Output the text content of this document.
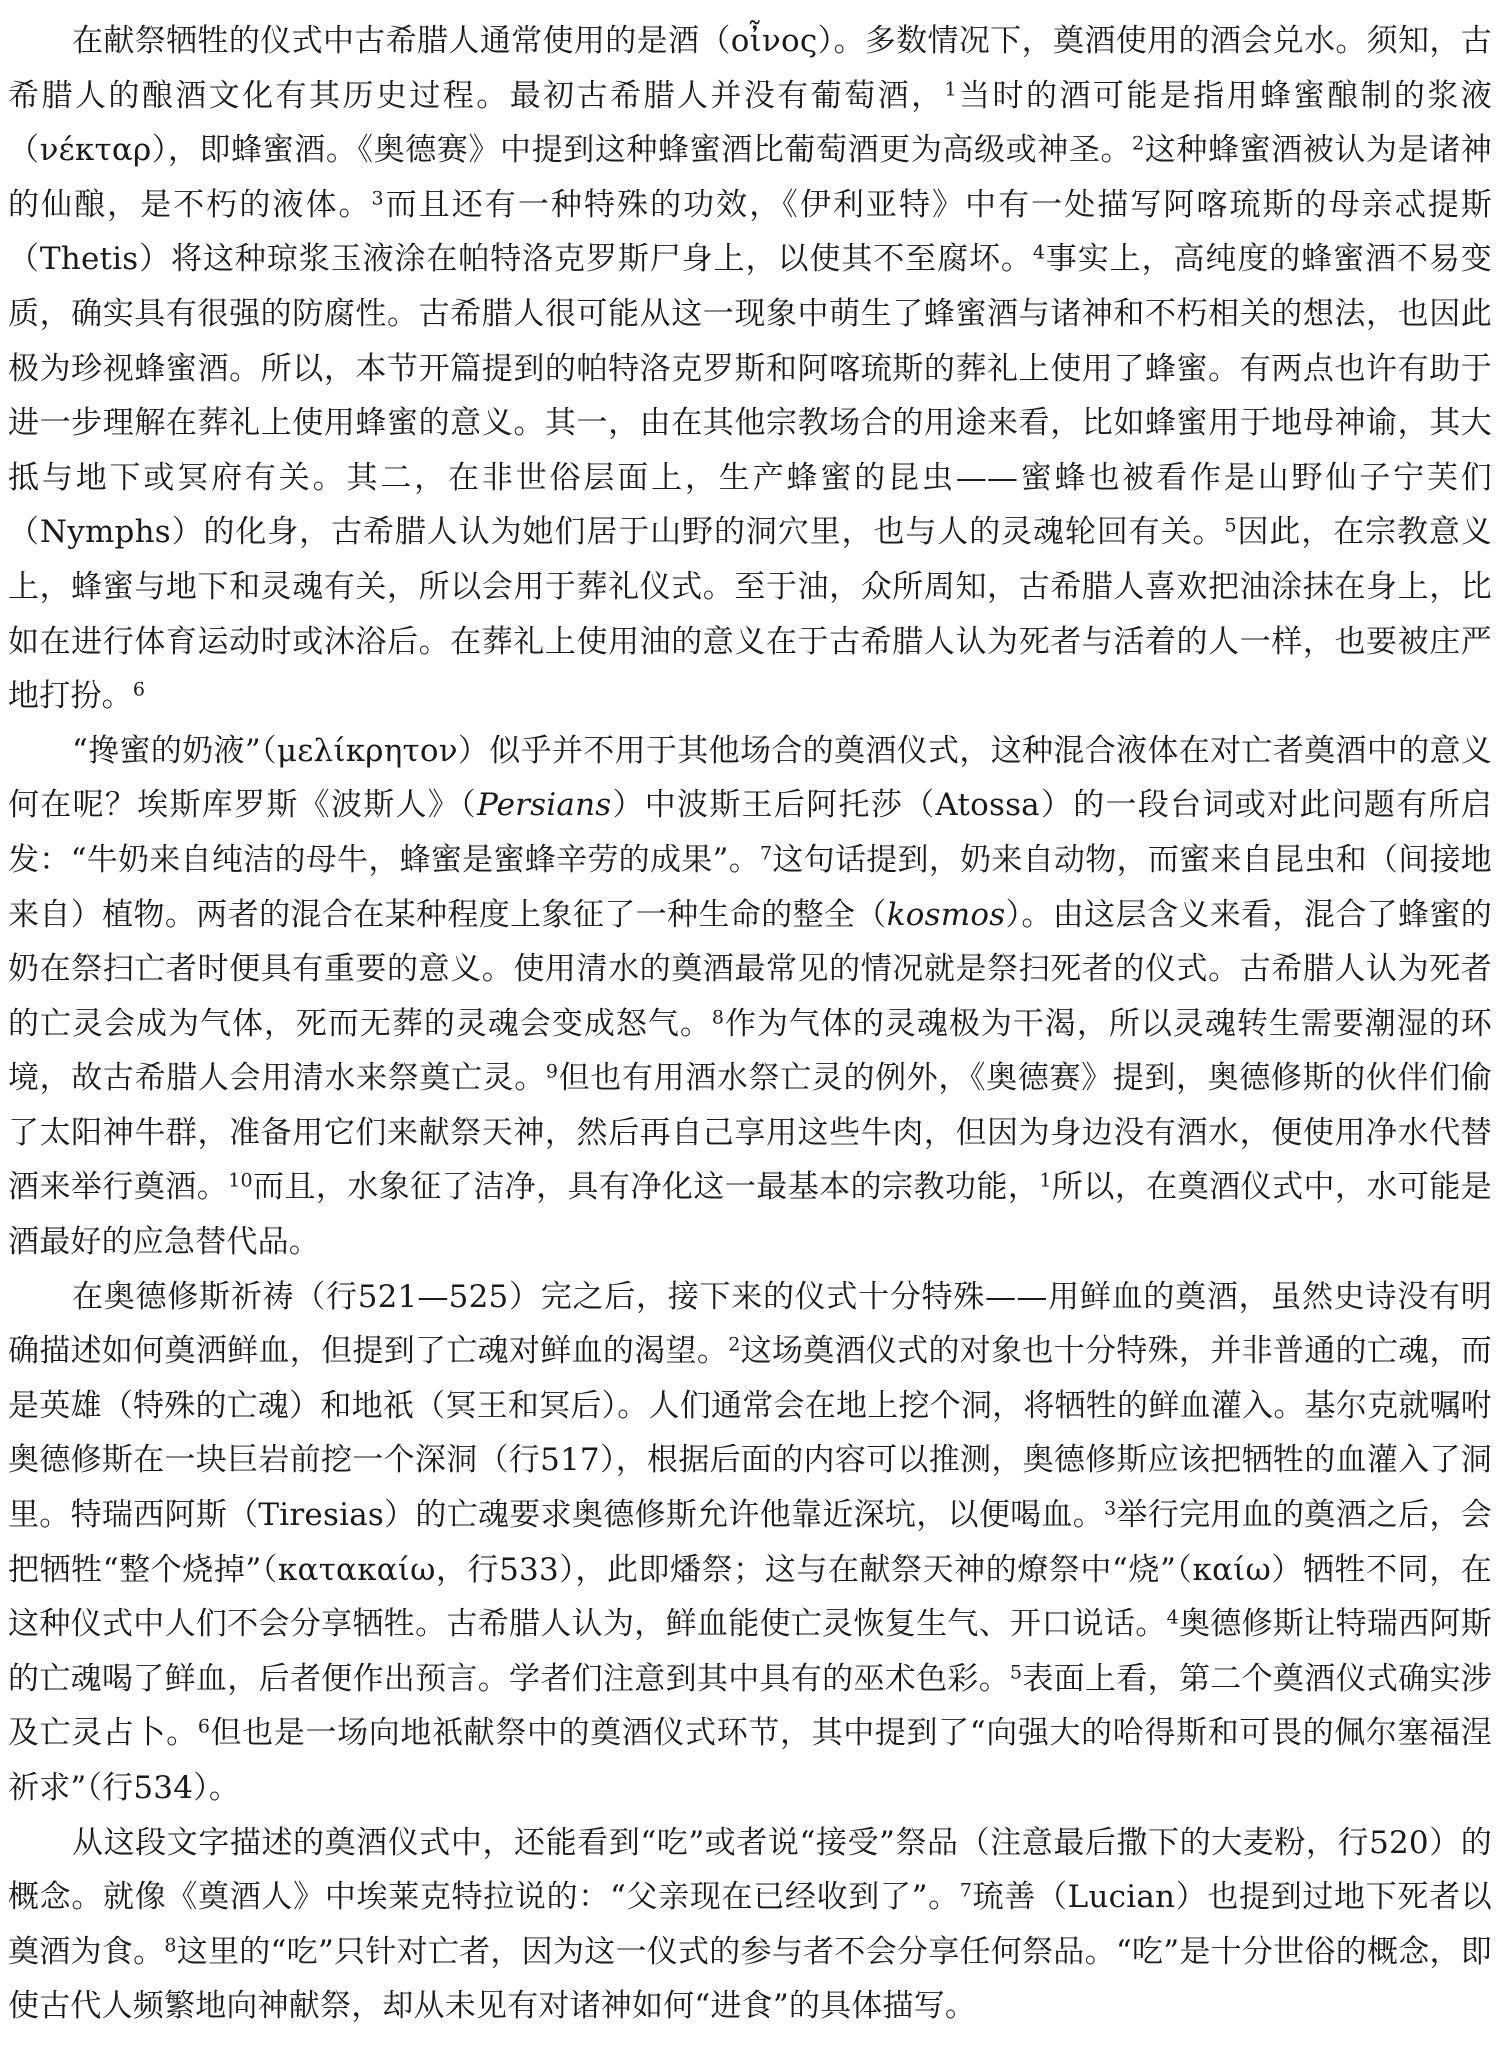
在献祭牺牲的仪式中古希腊人通常使用的是酒（οἶνος）。多数情况下，奠酒使用的酒会兑水。须知，古希腊人的酿酒文化有其历史过程。最初古希腊人并没有葡萄酒，$^1$当时的酒可能是指用蜂蜜酿制的浆液（νέκταρ），即蜂蜜酒。《奥德赛》中提到这种蜂蜜酒比葡萄酒更为高级或神圣。$^2$这种蜂蜜酒被认为是诸神的仙酿，是不朽的液体。$^3$而且还有一种特殊的功效，《伊利亚特》中有一处描写阿喀琉斯的母亲忒提斯（Thetis）将这种琼浆玉液涂在帕特洛克罗斯尸身上，以使其不至腐坏。$^4$事实上，高纯度的蜂蜜酒不易变质，确实具有很强的防腐性。古希腊人很可能从这一现象中萌生了蜂蜜酒与诸神和不朽相关的想法，也因此极为珍视蜂蜜酒。所以，本节开篇提到的帕特洛克罗斯和阿喀琉斯的葬礼上使用了蜂蜜。有两点也许有助于进一步理解在葬礼上使用蜂蜜的意义。其一，由在其他宗教场合的用途来看，比如蜂蜜用于地母神谕，其大抵与地下或冥府有关。其二，在非世俗层面上，生产蜂蜜的昆虫——蜜蜂也被看作是山野仙子宁芙们（Nymphs）的化身，古希腊人认为她们居于山野的洞穴里，也与人的灵魂轮回有关。$^5$因此，在宗教意义上，蜂蜜与地下和灵魂有关，所以会用于葬礼仪式。至于油，众所周知，古希腊人喜欢把油涂抹在身上，比如在进行体育运动时或沐浴后。在葬礼上使用油的意义在于古希腊人认为死者与活着的人一样，也要被庄严地打扮。$^6$

“搀蜜的奶液”（μελίκρητον）似乎并不用于其他场合的奠酒仪式，这种混合液体在对亡者奠酒中的意义何在呢？埃斯库罗斯《波斯人》（Persians）中波斯王后阿托莎（Atossa）的一段台词或对此问题有所启发：“牛奶来自纯洁的母牛，蜂蜜是蜜蜂辛劳的成果”。$^7$这句话提到，奶来自动物，而蜜来自昆虫和（间接地来自）植物。两者的混合在某种程度上象征了一种生命的整全（kosmos）。由这层含义来看，混合了蜂蜜的奶在祭扫亡者时便具有重要的意义。使用清水的奠酒最常见的情况就是祭扫死者的仪式。古希腊人认为死者的亡灵会成为气体，死而无葬的灵魂会变成怒气。$^8$作为气体的灵魂极为干渴，所以灵魂转生需要潮湿的环境，故古希腊人会用清水来祭奠亡灵。$^9$但也有用酒水祭亡灵的例外，《奥德赛》提到，奥德修斯的伙伴们偷了太阳神牛群，准备用它们来献祭天神，然后再自己享用这些牛肉，但因为身边没有酒水，便使用净水代替酒来举行奠酒。$^{10}$而且，水象征了洁净，具有净化这一最基本的宗教功能，$^1$所以，在奠酒仪式中，水可能是酒最好的应急替代品。

在奥德修斯祈祷（行521—525）完之后，接下来的仪式十分特殊——用鲜血的奠酒，虽然史诗没有明确描述如何奠洒鲜血，但提到了亡魂对鲜血的渴望。$^2$这场奠酒仪式的对象也十分特殊，并非普通的亡魂，而是英雄（特殊的亡魂）和地祇（冥王和冥后）。人们通常会在地上挖个洞，将牺牲的鲜血灌入。基尔克就嘱咐奥德修斯在一块巨岩前挖一个深洞（行517），根据后面的内容可以推测，奥德修斯应该把牺牲的血灌入了洞里。特瑞西阿斯（Tiresias）的亡魂要求奥德修斯允许他靠近深坑，以便喝血。$^3$举行完用血的奠酒之后，会把牺牲“整个烧掉”（κατακαίω，行533），此即燔祭；这与在献祭天神的燎祭中“烧”（καίω）牺牲不同，在这种仪式中人们不会分享牺牲。古希腊人认为，鲜血能使亡灵恢复生气、开口说话。$^4$奥德修斯让特瑞西阿斯的亡魂喝了鲜血，后者便作出预言。学者们注意到其中具有的巫术色彩。$^5$表面上看，第二个奠酒仪式确实涉及亡灵占卜。$^6$但也是一场向地祇献祭中的奠酒仪式环节，其中提到了“向强大的哈得斯和可畏的佩尔塞福涅祈求”（行534）。

从这段文字描述的奠酒仪式中，还能看到“吃”或者说“接受”祭品（注意最后撒下的大麦粉，行520）的概念。就像《奠酒人》中埃莱克特拉说的：“父亲现在已经收到了”。$^7$琉善（Lucian）也提到过地下死者以奠酒为食。$^8$这里的“吃”只针对亡者，因为这一仪式的参与者不会分享任何祭品。“吃”是十分世俗的概念，即使古代人频繁地向神献祭，却从未见有对诸神如何“进食”的具体描写。
